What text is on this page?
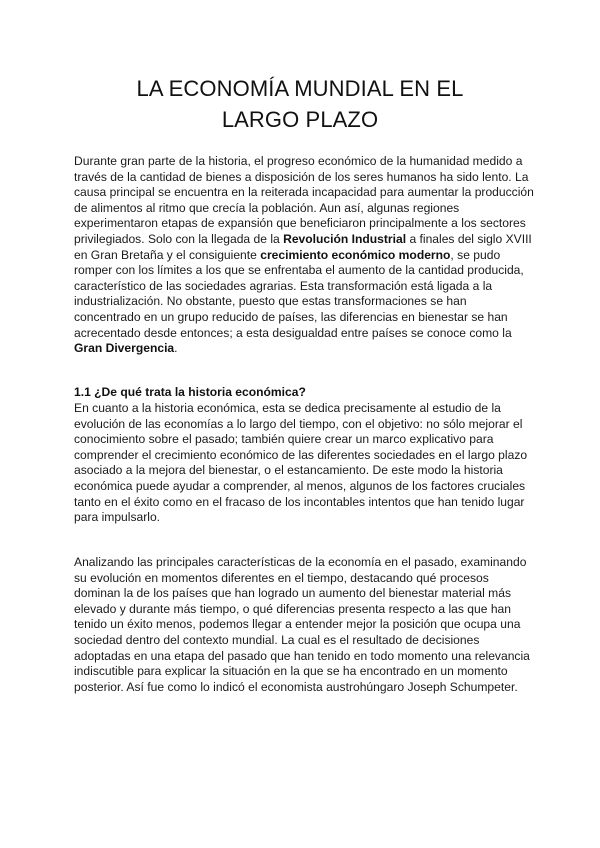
LA ECONOMÍA MUNDIAL EN EL
LARGO PLAZO

Durante gran parte de la historia, el progreso económico de la humanidad medido a través de la cantidad de bienes a disposición de los seres humanos ha sido lento. La causa principal se encuentra en la reiterada incapacidad para aumentar la producción de alimentos al ritmo que crecía la población. Aun así, algunas regiones experimentaron etapas de expansión que beneficiaron principalmente a los sectores privilegiados. Solo con la llegada de la Revolución Industrial a finales del siglo XVIII en Gran Bretaña y el consiguiente crecimiento económico moderno, se pudo romper con los límites a los que se enfrentaba el aumento de la cantidad producida, característico de las sociedades agrarias. Esta transformación está ligada a la industrialización. No obstante, puesto que estas transformaciones se han concentrado en un grupo reducido de países, las diferencias en bienestar se han acrecentado desde entonces; a esta desigualdad entre países se conoce como la Gran Divergencia.

1.1 ¿De qué trata la historia económica?

En cuanto a la historia económica, esta se dedica precisamente al estudio de la evolución de las economías a lo largo del tiempo, con el objetivo: no sólo mejorar el conocimiento sobre el pasado; también quiere crear un marco explicativo para comprender el crecimiento económico de las diferentes sociedades en el largo plazo asociado a la mejora del bienestar, o el estancamiento. De este modo la historia económica puede ayudar a comprender, al menos, algunos de los factores cruciales tanto en el éxito como en el fracaso de los incontables intentos que han tenido lugar para impulsarlo.

Analizando las principales características de la economía en el pasado, examinando su evolución en momentos diferentes en el tiempo, destacando qué procesos dominan la de los países que han logrado un aumento del bienestar material más elevado y durante más tiempo, o qué diferencias presenta respecto a las que han tenido un éxito menos, podemos llegar a entender mejor la posición que ocupa una sociedad dentro del contexto mundial. La cual es el resultado de decisiones adoptadas en una etapa del pasado que han tenido en todo momento una relevancia indiscutible para explicar la situación en la que se ha encontrado en un momento posterior. Así fue como lo indicó el economista austrohúngaro Joseph Schumpeter.
